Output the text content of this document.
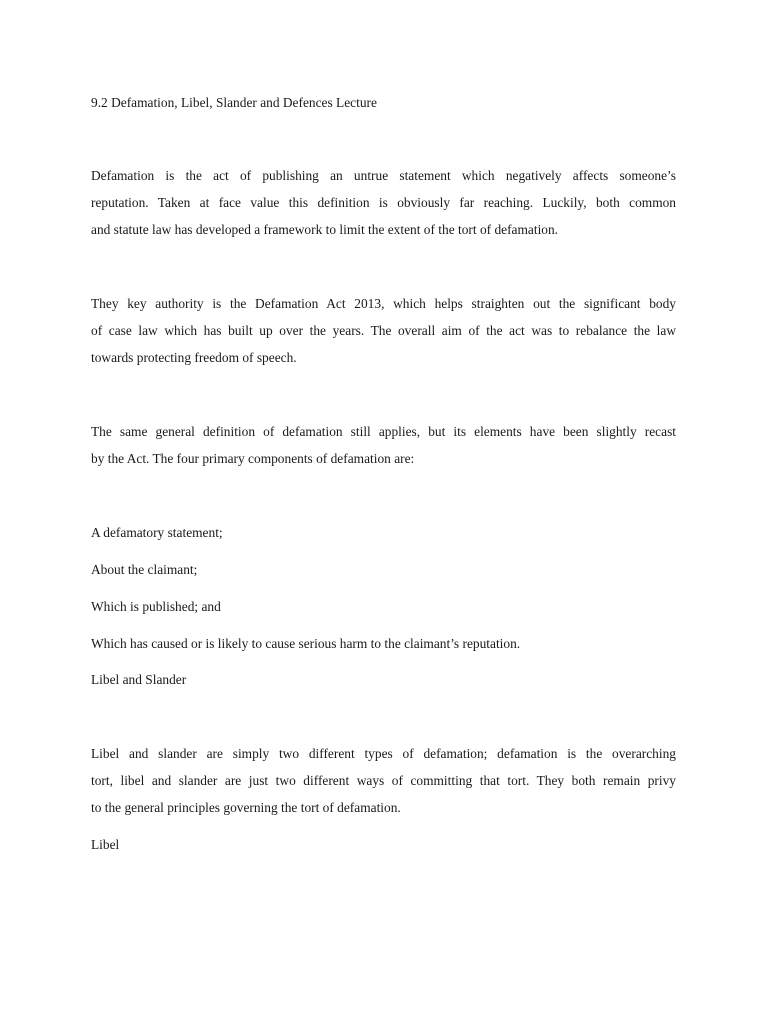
9.2 Defamation, Libel, Slander and Defences Lecture
Defamation is the act of publishing an untrue statement which negatively affects someone’s
reputation. Taken at face value this definition is obviously far reaching. Luckily, both common
and statute law has developed a framework to limit the extent of the tort of defamation.
They key authority is the Defamation Act 2013, which helps straighten out the significant body
of case law which has built up over the years. The overall aim of the act was to rebalance the law
towards protecting freedom of speech.
The same general definition of defamation still applies, but its elements have been slightly recast
by the Act. The four primary components of defamation are:
A defamatory statement;
About the claimant;
Which is published; and
Which has caused or is likely to cause serious harm to the claimant’s reputation.
Libel and Slander
Libel and slander are simply two different types of defamation; defamation is the overarching
tort, libel and slander are just two different ways of committing that tort. They both remain privy
to the general principles governing the tort of defamation.
Libel
